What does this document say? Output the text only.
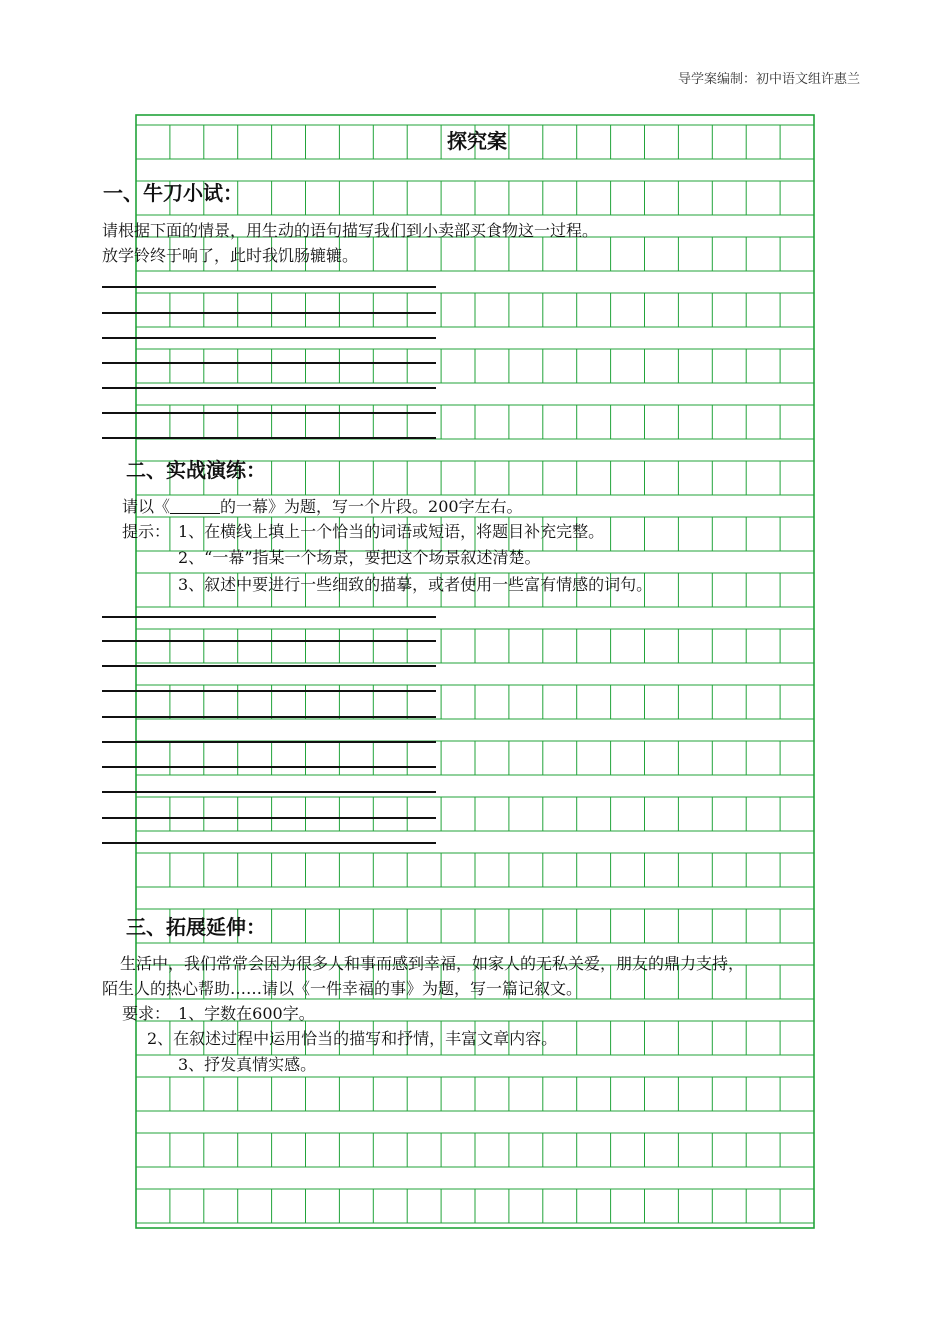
导学案编制：初中语文组许惠兰
探究案
一、牛刀小试：
请根据下面的情景，用生动的语句描写我们到小卖部买食物这一过程。
放学铃终于响了，此时我饥肠辘辘。
二、实战演练：
请以《	的一幕》为题，写一个片段。200字左右。
提示： 1、在横线上填上一个恰当的词语或短语，将题目补充完整。
2、“一幕”指某一个场景，要把这个场景叙述清楚。
3、叙述中要进行一些细致的描摹，或者使用一些富有情感的词句。
三、拓展延伸：
生活中，我们常常会因为很多人和事而感到幸福，如家人的无私关爱，朋友的鼎力支持，
陌生人的热心帮助……请以《一件幸福的事》为题，写一篇记叙文。
要求： 1、字数在600字。
2、在叙述过程中运用恰当的描写和抒情，丰富文章内容。
3、抒发真情实感。
